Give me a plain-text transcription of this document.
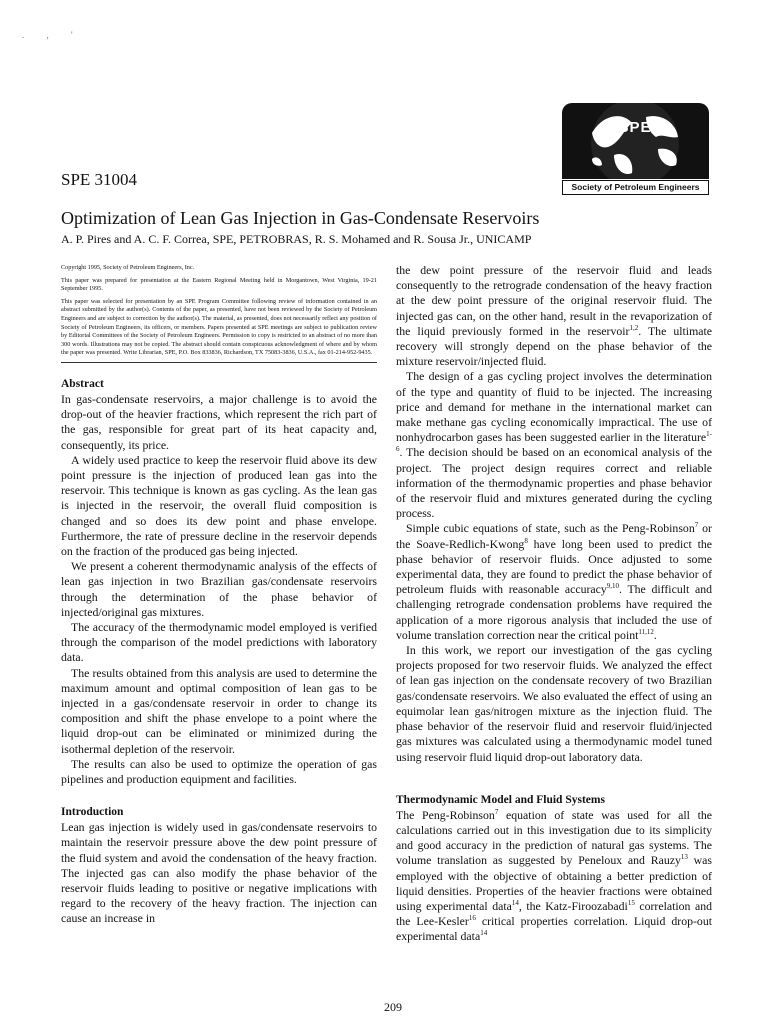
. , '
SPE 31004
SPE
Society of Petroleum Engineers
Optimization of Lean Gas Injection in Gas-Condensate Reservoirs
A. P. Pires and A. C. F. Correa, SPE, PETROBRAS, R. S. Mohamed and R. Sousa Jr., UNICAMP

Copyright 1995, Society of Petroleum Engineers, Inc.

This paper was prepared for presentation at the Eastern Regional Meeting held in Morgantown, West Virginia, 19-21 September 1995.

This paper was selected for presentation by an SPE Program Committee following review of information contained in an abstract submitted by the author(s). Contents of the paper, as presented, have not been reviewed by the Society of Petroleum Engineers and are subject to correction by the author(s). The material, as presented, does not necessarily reflect any position of Society of Petroleum Engineers, its officers, or members. Papers presented at SPE meetings are subject to publication review by Editorial Committees of the Society of Petroleum Engineers. Permission to copy is restricted to an abstract of no more than 300 words. Illustrations may not be copied. The abstract should contain conspicuous acknowledgment of where and by whom the paper was presented. Write Librarian, SPE, P.O. Box 833836, Richardson, TX 75083-3836, U.S.A., fax 01-214-952-9435.

Abstract

In gas-condensate reservoirs, a major challenge is to avoid the drop-out of the heavier fractions, which represent the rich part of the gas, responsible for great part of its heat capacity and, consequently, its price.

A widely used practice to keep the reservoir fluid above its dew point pressure is the injection of produced lean gas into the reservoir. This technique is known as gas cycling. As the lean gas is injected in the reservoir, the overall fluid composition is changed and so does its dew point and phase envelope. Furthermore, the rate of pressure decline in the reservoir depends on the fraction of the produced gas being injected.

We present a coherent thermodynamic analysis of the effects of lean gas injection in two Brazilian gas/condensate reservoirs through the determination of the phase behavior of injected/original gas mixtures.

The accuracy of the thermodynamic model employed is verified through the comparison of the model predictions with laboratory data.

The results obtained from this analysis are used to determine the maximum amount and optimal composition of lean gas to be injected in a gas/condensate reservoir in order to change its composition and shift the phase envelope to a point where the liquid drop-out can be eliminated or minimized during the isothermal depletion of the reservoir.

The results can also be used to optimize the operation of gas pipelines and production equipment and facilities.

Introduction

Lean gas injection is widely used in gas/condensate reservoirs to maintain the reservoir pressure above the dew point pressure of the fluid system and avoid the condensation of the heavy fraction. The injected gas can also modify the phase behavior of the reservoir fluids leading to positive or negative implications with regard to the recovery of the heavy fraction. The injection can cause an increase in

the dew point pressure of the reservoir fluid and leads consequently to the retrograde condensation of the heavy fraction at the dew point pressure of the original reservoir fluid. The injected gas can, on the other hand, result in the revaporization of the liquid previously formed in the reservoir$^{1,2}$. The ultimate recovery will strongly depend on the phase behavior of the mixture reservoir/injected fluid.

The design of a gas cycling project involves the determination of the type and quantity of fluid to be injected. The increasing price and demand for methane in the international market can make methane gas cycling economically impractical. The use of nonhydrocarbon gases has been suggested earlier in the literature$^{1-6}$. The decision should be based on an economical analysis of the project. The project design requires correct and reliable information of the thermodynamic properties and phase behavior of the reservoir fluid and mixtures generated during the cycling process.

Simple cubic equations of state, such as the Peng-Robinson$^7$ or the Soave-Redlich-Kwong$^8$ have long been used to predict the phase behavior of reservoir fluids. Once adjusted to some experimental data, they are found to predict the phase behavior of petroleum fluids with reasonable accuracy$^{9,10}$. The difficult and challenging retrograde condensation problems have required the application of a more rigorous analysis that included the use of volume translation correction near the critical point$^{11,12}$.

In this work, we report our investigation of the gas cycling projects proposed for two reservoir fluids. We analyzed the effect of lean gas injection on the condensate recovery of two Brazilian gas/condensate reservoirs. We also evaluated the effect of using an equimolar lean gas/nitrogen mixture as the injection fluid. The phase behavior of the reservoir fluid and reservoir fluid/injected gas mixtures was calculated using a thermodynamic model tuned using reservoir fluid liquid drop-out laboratory data.

Thermodynamic Model and Fluid Systems

The Peng-Robinson$^7$ equation of state was used for all the calculations carried out in this investigation due to its simplicity and good accuracy in the prediction of natural gas systems. The volume translation as suggested by Peneloux and Rauzy$^{13}$ was employed with the objective of obtaining a better prediction of liquid densities. Properties of the heavier fractions were obtained using experimental data$^{14}$, the Katz-Firoozabadi$^{15}$ correlation and the Lee-Kesler$^{16}$ critical properties correlation. Liquid drop-out experimental data$^{14}$

209
